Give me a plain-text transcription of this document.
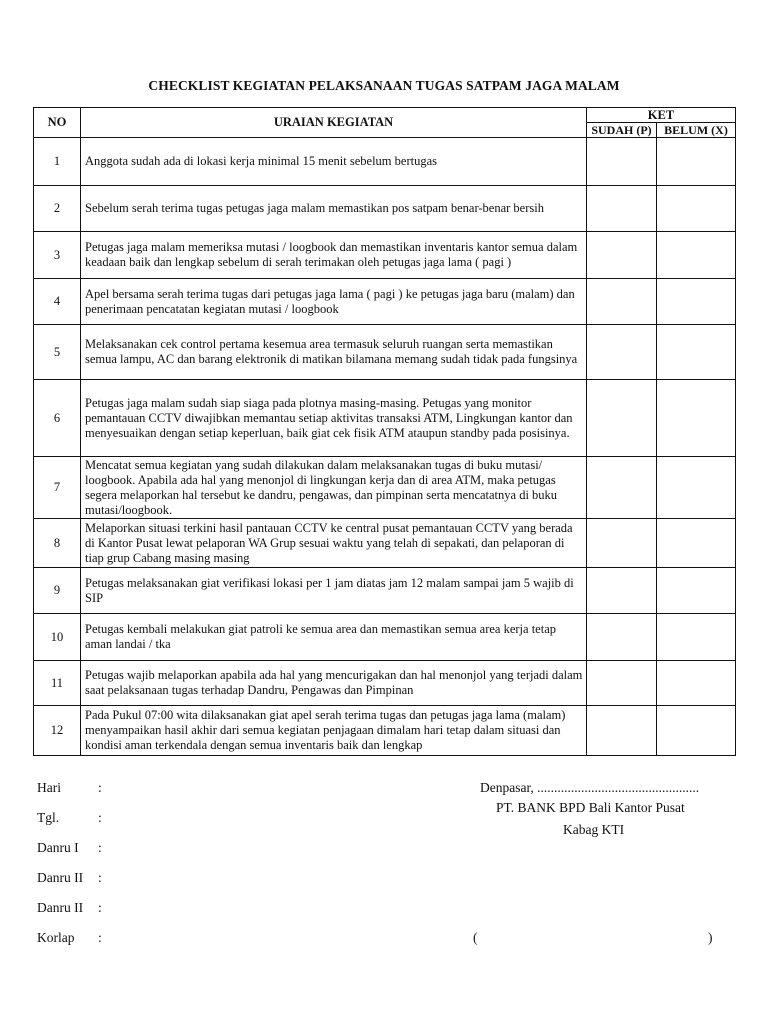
CHECKLIST KEGIATAN PELAKSANAAN TUGAS SATPAM JAGA MALAM
NO	URAIAN KEGIATAN	KET	
		SUDAH (P)	BELUM (X)
1	Anggota sudah ada di lokasi kerja minimal 15 menit sebelum bertugas		
2	Sebelum serah terima tugas petugas jaga malam memastikan pos satpam benar-benar bersih		
3	Petugas jaga malam memeriksa mutasi / loogbook dan memastikan inventaris kantor semua dalam keadaan baik dan lengkap sebelum di serah terimakan oleh petugas jaga lama ( pagi )		
4	Apel bersama serah terima tugas dari petugas jaga lama ( pagi ) ke petugas jaga baru (malam) dan penerimaan pencatatan kegiatan mutasi / loogbook		
5	Melaksanakan cek control pertama kesemua area termasuk seluruh ruangan serta memastikan semua lampu, AC dan barang elektronik di matikan bilamana memang sudah tidak pada fungsinya		
6	Petugas jaga malam sudah siap siaga pada plotnya masing-masing. Petugas yang monitor pemantauan CCTV diwajibkan memantau setiap aktivitas transaksi ATM, Lingkungan kantor dan menyesuaikan dengan setiap keperluan, baik giat cek fisik ATM ataupun standby pada posisinya.		
7	Mencatat semua kegiatan yang sudah dilakukan dalam melaksanakan tugas di buku mutasi/ loogbook. Apabila ada hal yang menonjol di lingkungan kerja dan di area ATM, maka petugas segera melaporkan hal tersebut ke dandru, pengawas, dan pimpinan serta mencatatnya di buku mutasi/loogbook.		
8	Melaporkan situasi terkini hasil pantauan CCTV ke central pusat pemantauan CCTV yang berada di Kantor Pusat lewat pelaporan WA Grup sesuai waktu yang telah di sepakati, dan pelaporan di tiap grup Cabang masing masing		
9	Petugas melaksanakan giat verifikasi lokasi per 1 jam diatas jam 12 malam sampai jam 5 wajib di SIP		
10	Petugas kembali melakukan giat patroli ke semua area dan memastikan semua area kerja tetap aman landai / tka		
11	Petugas wajib melaporkan apabila ada hal yang mencurigakan dan hal menonjol yang terjadi dalam saat pelaksanaan tugas terhadap Dandru, Pengawas dan Pimpinan		
12	Pada Pukul 07:00 wita dilaksanakan giat apel serah terima tugas dan petugas jaga lama (malam) menyampaikan hasil akhir dari semua kegiatan penjagaan dimalam hari tetap dalam situasi dan kondisi aman terkendala dengan semua inventaris baik dan lengkap		
Hari	:
Tgl.	:
Danru I :
Danru II :
Danru II :
Korlap :
Denpasar, ................................................
PT. BANK BPD Bali Kantor Pusat
Kabag KTI
(	)
